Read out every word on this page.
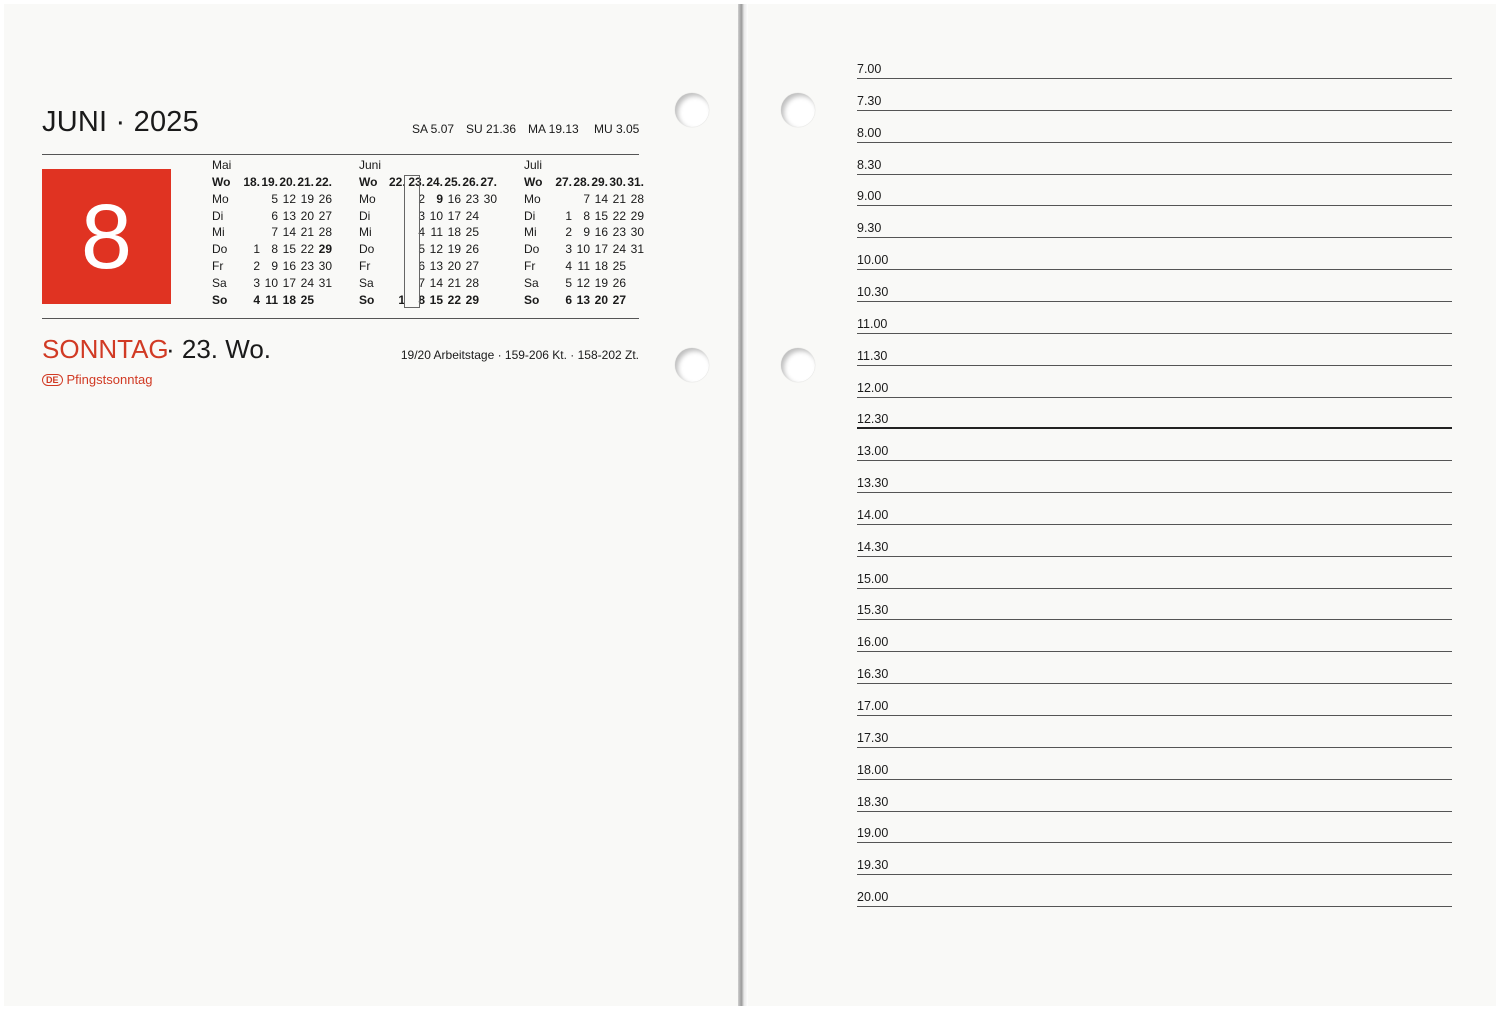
JUNI · 2025	SA 5.07 SU 21.36 MA 19.13 MU 3.05
8
Mai
Wo	18. 19. 20. 21. 22.
Mo	5 12 19 26
Di	6 13 20 27
Mi	7 14 21 28
Do	1 8 15 22 29
Fr	2 9 16 23 30
Sa	3 10 17 24 31
So	4 11 18 25
Juni
Wo 22. 23. 24. 25. 26. 27.
Mo	2 9 16 23 30
Di	3 10 17 24
Mi	4 11 18 25
Do	5 12 19 26
Fr	6 13 20 27
Sa	7 14 21 28
So	1	8 15 22 29
Juli
Wo	27. 28. 29. 30. 31.
Mo	7 14 21 28
Di	1 8 15 22 29
Mi	2 9 16 23 30
Do	3 10 17 24 31
Fr	4 11 18 25
Sa	5 12 19 26
So	6 13 20 27
SONNTAG
· 23. Wo.	19/20 Arbeitstage · 159-206 Kt. · 158-202 Zt.
DE Pfingstsonntag
7.00
7.30
8.00
8.30
9.00
9.30
10.00
10.30
11.00
11.30
12.00
12.30
13.00
13.30
14.00
14.30
15.00
15.30
16.00
16.30
17.00
17.30
18.00
18.30
19.00
19.30
20.00
